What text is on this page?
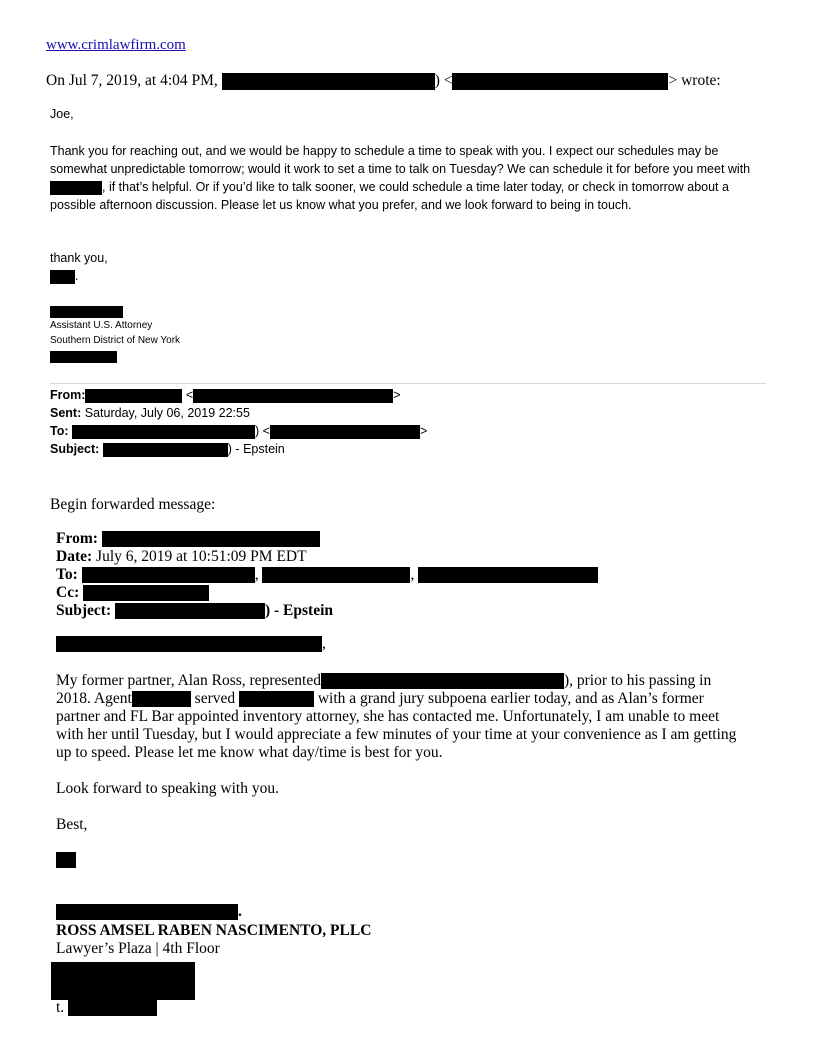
www.crimlawfirm.com
On Jul 7, 2019, at 4:04 PM,	) <	> wrote:
Joe,
Thank you for reaching out, and we would be happy to schedule a time to speak with you. I expect our schedules may be somewhat unpredictable tomorrow; would it work to set a time to talk on Tuesday? We can schedule it for before you meet with , if that’s helpful. Or if you’d like to talk sooner, we could schedule a time later today, or check in tomorrow about a possible afternoon discussion. Please let us know what you prefer, and we look forward to being in touch.
thank you,
.
Assistant U.S. Attorney
Southern District of New York
From:	<	>
Sent: Saturday, July 06, 2019 22:55
To:	) <	>
Subject:	) - Epstein
Begin forwarded message:
From:
Date: July 6, 2019 at 10:51:09 PM EDT
To:	,	,
Cc:
Subject:	) - Epstein
,
My former partner, Alan Ross, represented	), prior to his passing in
2018. Agent	served	with a grand jury subpoena earlier today, and as Alan’s former
partner and FL Bar appointed inventory attorney, she has contacted me. Unfortunately, I am unable to meet
with her until Tuesday, but I would appreciate a few minutes of your time at your convenience as I am getting
up to speed. Please let me know what day/time is best for you.
Look forward to speaking with you.
Best,
.
ROSS AMSEL RABEN NASCIMENTO, PLLC
Lawyer’s Plaza | 4th Floor
t.
